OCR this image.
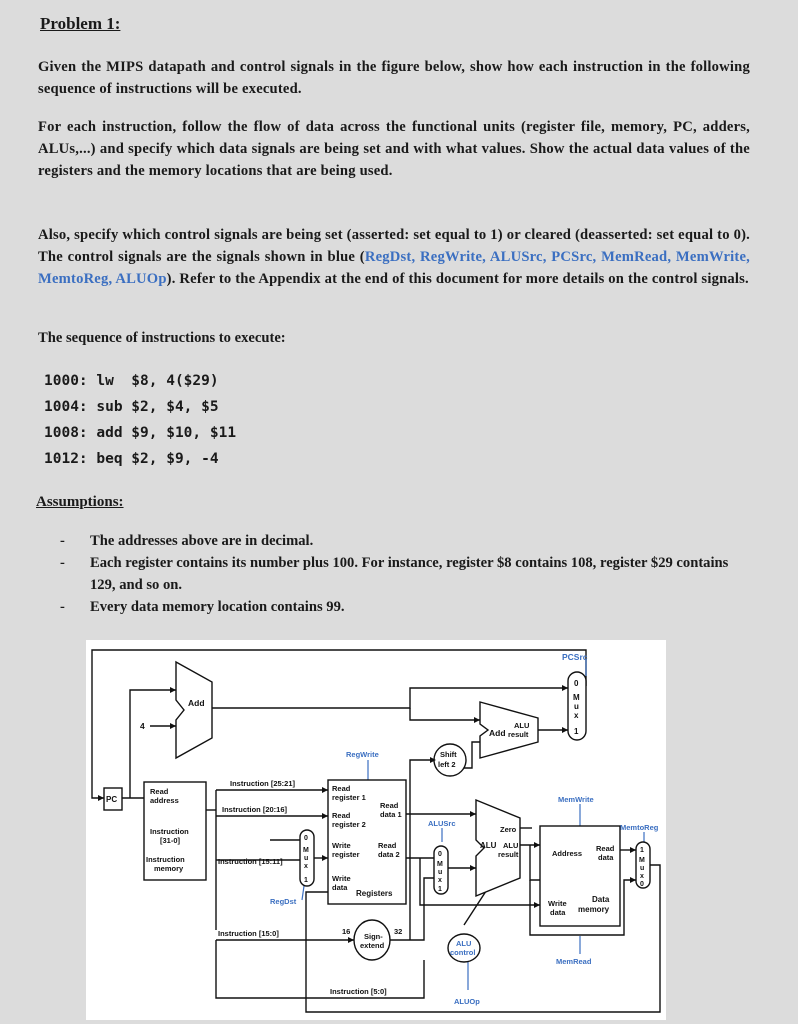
Problem 1:
Given the MIPS datapath and control signals in the figure below, show how each instruction in the following sequence of instructions will be executed.
For each instruction, follow the flow of data across the functional units (register file, memory, PC, adders, ALUs,...) and specify which data signals are being set and with what values. Show the actual data values of the registers and the memory locations that are being used.
Also, specify which control signals are being set (asserted: set equal to 1) or cleared (deasserted: set equal to 0). The control signals are the signals shown in blue (RegDst, RegWrite, ALUSrc, PCSrc, MemRead, MemWrite, MemtoReg, ALUOp). Refer to the Appendix at the end of this document for more details on the control signals.
The sequence of instructions to execute:
1000: lw  $8, 4($29)
1004: sub $2, $4, $5
1008: add $9, $10, $11
1012: beq $2, $9, -4
Assumptions:
- The addresses above are in decimal.
- Each register contains its number plus 100. For instance, register $8 contains 108, register $29 contains 129, and so on.
- Every data memory location contains 99.
PCSrc
Add
4
Add
ALU
result
Shift
left 2
RegWrite
PC
Read
address
Instruction
[31-0]
Instruction
memory
Instruction [25:21]
Instruction [20:16]
Instruction [15:11]
Instruction [15:0]
Instruction [5:0]
Read
register 1
Read
register 2
Read
data 1
Write
register
Read
data 2
Write
data
Registers
RegDst
ALUSrc
Zero
ALU ALU
result
MemWrite
MemtoReg
Address
Read
data
Write
data
Data
memory
MemRead
16	32
Sign-
extend	ALU
control
ALUOp
0
M
u
x
1
0
M
u
x
1
0
M
u
x
1
1
M
u
x
0
